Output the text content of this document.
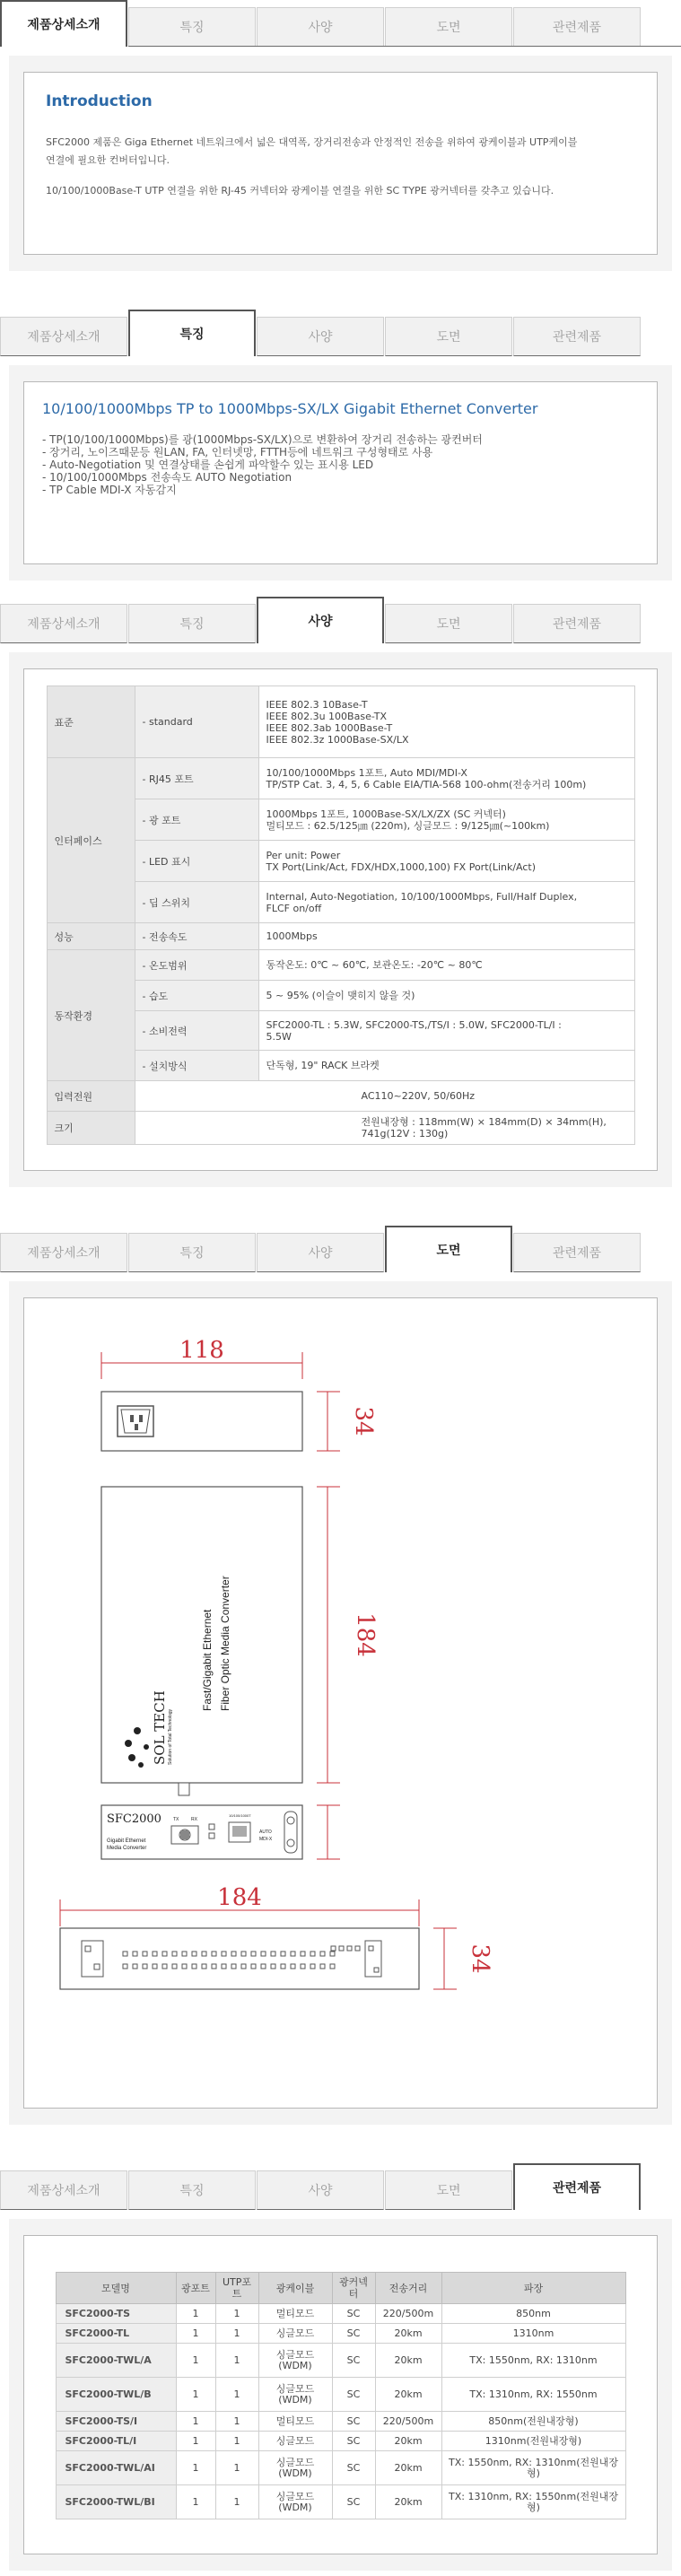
제품상세소개	특징	사양	도면	관련제품
Introduction

SFC2000 제품은 Giga Ethernet 네트워크에서 넓은 대역폭, 장거리전송과 안정적인 전송을 위하여 광케이블과 UTP케이블

연결에 필요한 컨버터입니다.

10/100/1000Base-T UTP 연결을 위한 RJ-45 커넥터와 광케이블 연결을 위한 SC TYPE 광커넥터를 갖추고 있습니다.

제품상세소개	특징	사양	도면	관련제품
10/100/1000Mbps TP to 1000Mbps-SX/LX Gigabit Ethernet Converter
- TP(10/100/1000Mbps)를 광(1000Mbps-SX/LX)으로 변환하여 장거리 전송하는 광컨버터
- 장거리, 노이즈때문등 원LAN, FA, 인터넷망, FTTH등에 네트워크 구성형태로 사용
- Auto-Negotiation 및 연결상태를 손쉽게 파악할수 있는 표시용 LED
- 10/100/1000Mbps 전송속도 AUTO Negotiation
- TP Cable MDI-X 자동감지
제품상세소개	특징	사양	도면	관련제품
표준	- standard	IEEE 802.3 10Base-T
IEEE 802.3u 100Base-TX
IEEE 802.3ab 1000Base-T
IEEE 802.3z 1000Base-SX/LX

인터페이스	- RJ45 포트	10/100/1000Mbps 1포트, Auto MDI/MDI-X
TP/STP Cat. 3, 4, 5, 6 Cable EIA/TIA-568 100-ohm(전송거리 100m)

	- 광 포트	1000Mbps 1포트, 1000Base-SX/LX/ZX (SC 커넥터)
멀티모드 : 62.5/125㎛ (220m), 싱글모드 : 9/125㎛(~100km)

	- LED 표시	Per unit: Power
TX Port(Link/Act, FDX/HDX,1000,100) FX Port(Link/Act)

	- 딥 스위치	Internal, Auto-Negotiation, 10/100/1000Mbps, Full/Half Duplex,
FLCF on/off

성능	- 전송속도	1000Mbps
동작환경	- 온도범위	동작온도: 0℃ ~ 60℃, 보관온도: -20℃ ~ 80℃
	- 습도	5 ~ 95% (이슬이 맺히지 않을 것)
	- 소비전력	SFC2000-TL : 5.3W, SFC2000-TS,/TS/I : 5.0W, SFC2000-TL/I :
5.5W

	- 설치방식	단독형, 19" RACK 브라켓
입력전원	AC110~220V, 50/60Hz	
크기	전원내장형 : 118mm(W) × 184mm(D) × 34mm(H), 741g(12V : 130g)	
제품상세소개	특징	사양	도면	관련제품
118
34
184
184
34
Fast/Gigabit Ethernet Fiber Optic Media Converter
SOL TECH Solution of Total Technology
SFC2000
Gigabit Ethernet
Media Converter
TX	RX
10/100/1000T
AUTO
MDI-X
제품상세소개	특징	사양	도면	관련제품
모델명	광포트	UTP포트	광케이블	광커넥터	전송거리	파장
SFC2000-TS	1	1	멀티모드	SC	220/500m	850nm
SFC2000-TL	1	1	싱글모드	SC	20km	1310nm
SFC2000-TWL/A	1	1	싱글모드 (WDM)	SC	20km	TX: 1550nm, RX: 1310nm
SFC2000-TWL/B	1	1	싱글모드 (WDM)	SC	20km	TX: 1310nm, RX: 1550nm
SFC2000-TS/I	1	1	멀티모드	SC	220/500m	850nm(전원내장형)
SFC2000-TL/I	1	1	싱글모드	SC	20km	1310nm(전원내장형)
SFC2000-TWL/AI	1	1	싱글모드 (WDM)	SC	20km	TX: 1550nm, RX: 1310nm(전원내장형)
SFC2000-TWL/BI	1	1	싱글모드 (WDM)	SC	20km	TX: 1310nm, RX: 1550nm(전원내장형)
